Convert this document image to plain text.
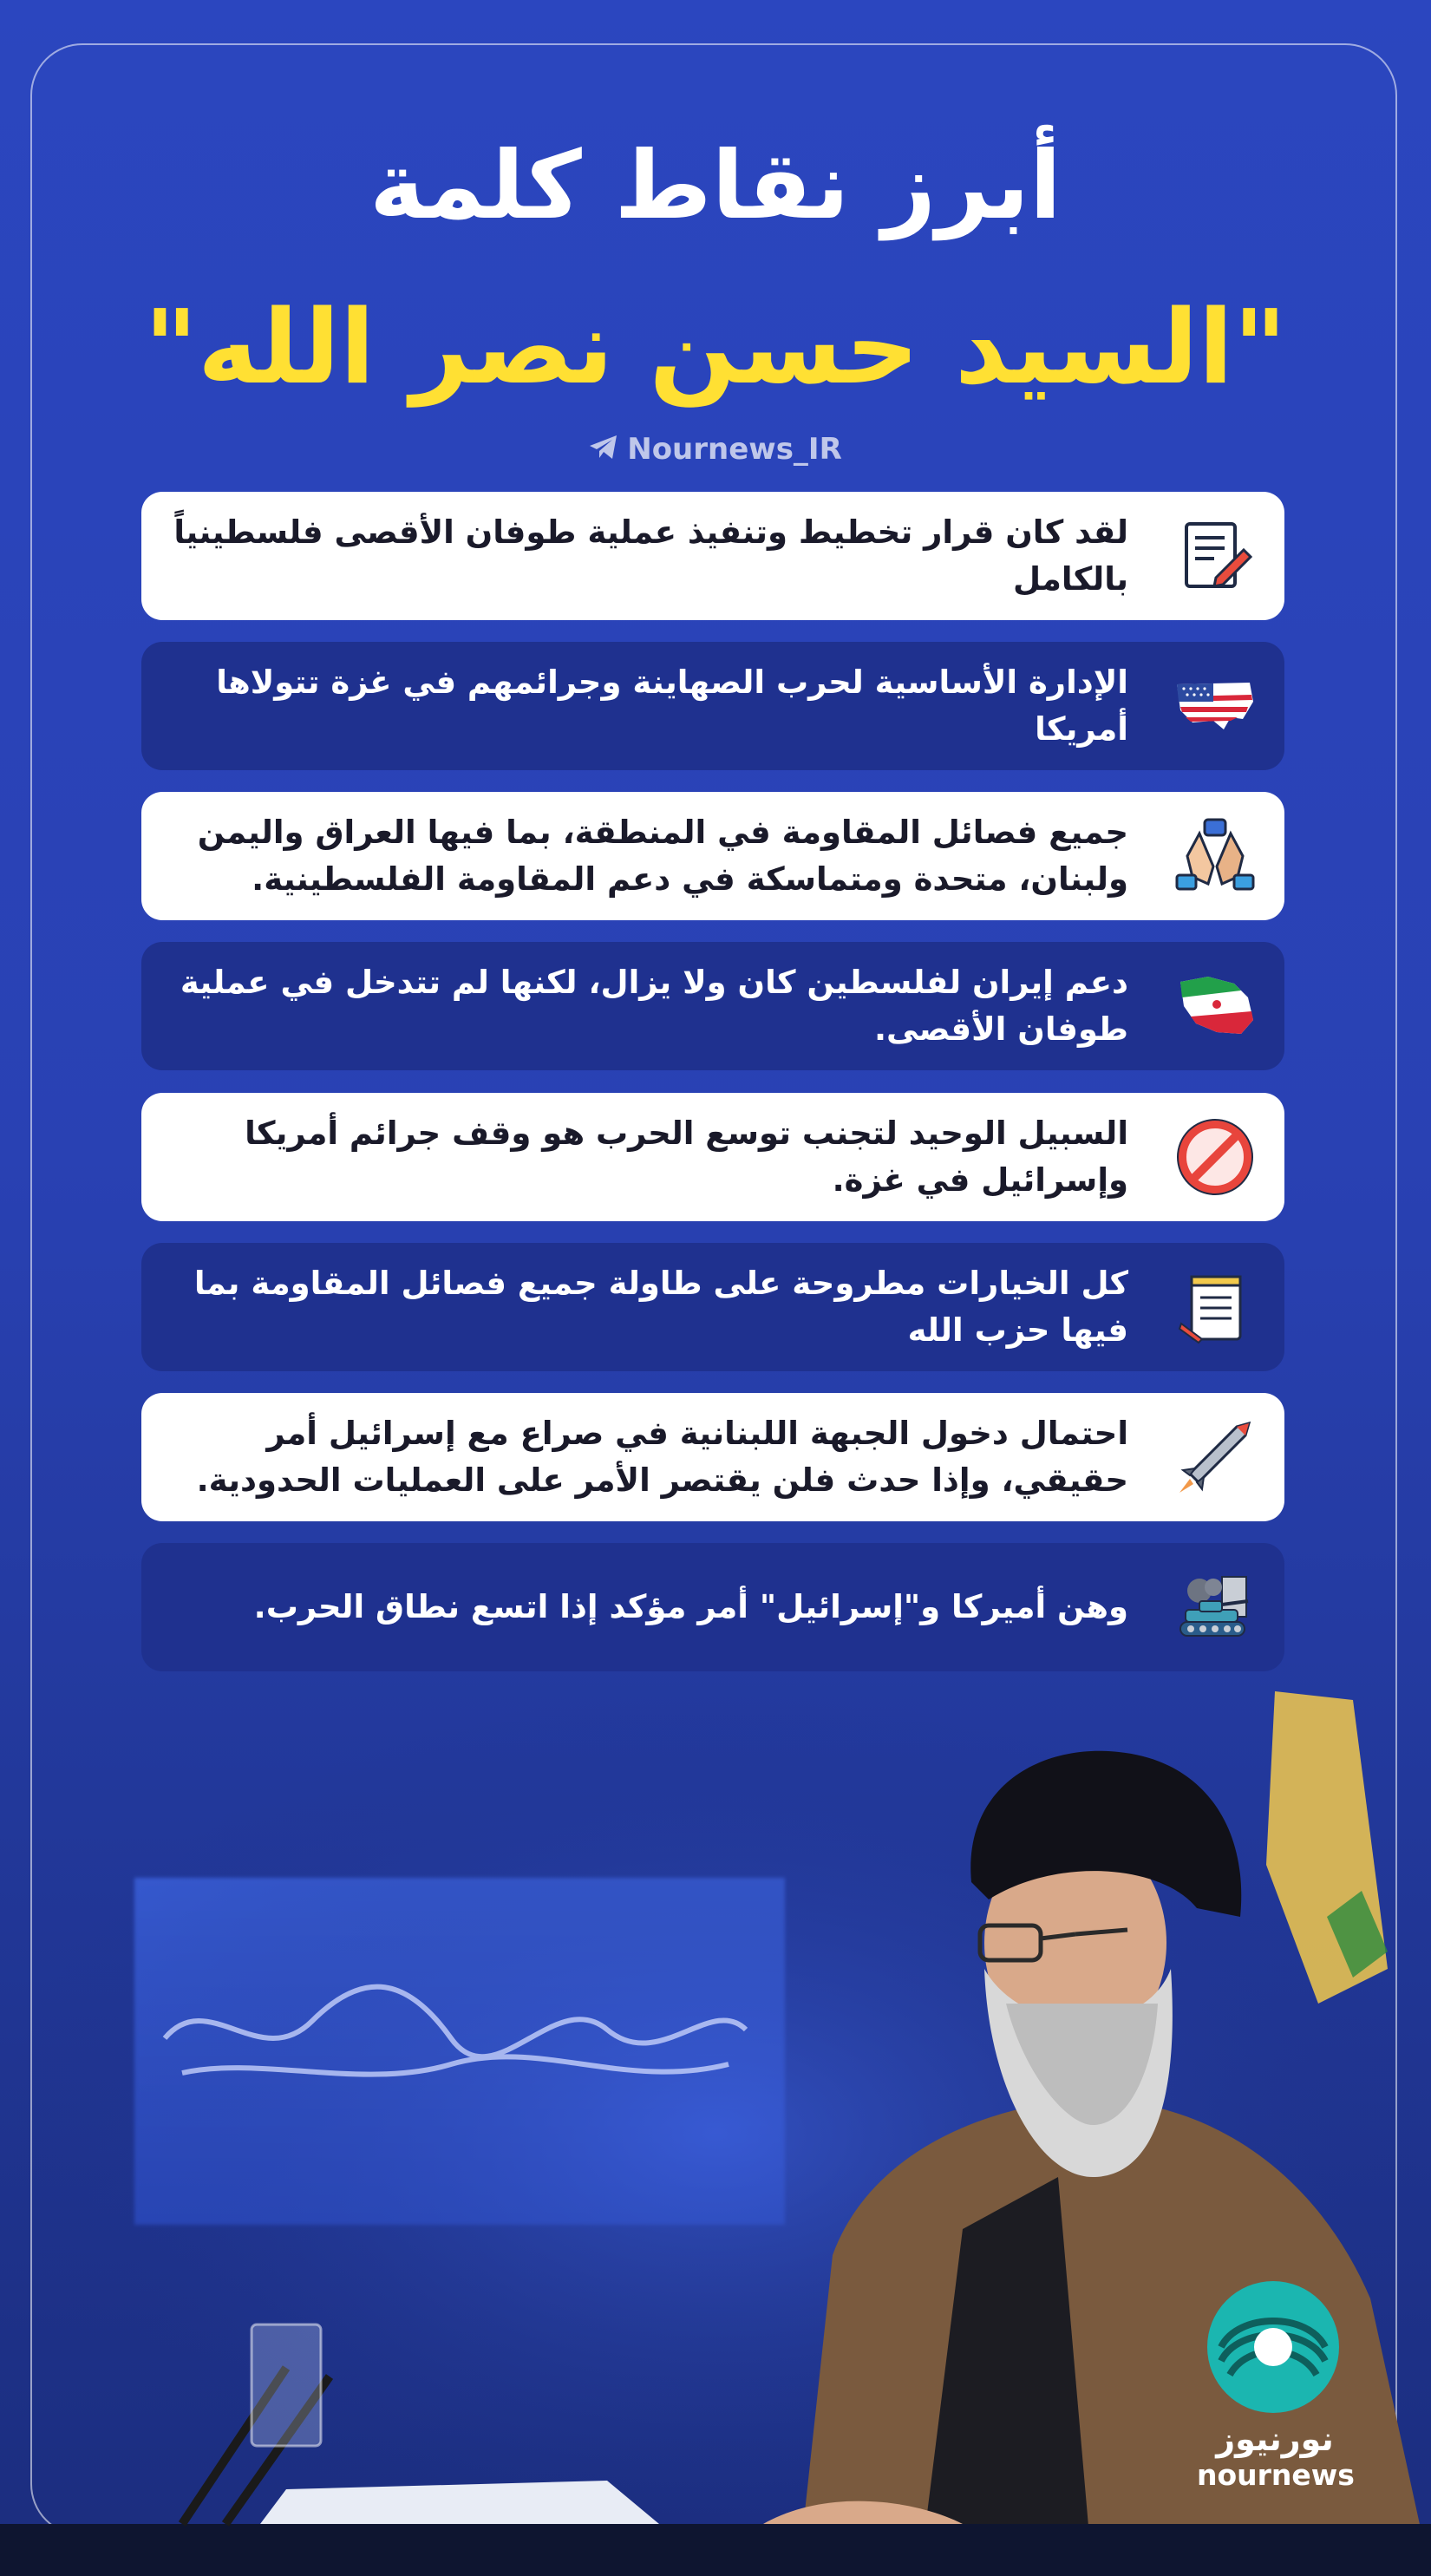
أبرز نقاط كلمة
"السيد حسن نصر الله"
Nournews_IR
لقد كان قرار تخطيط وتنفيذ عملية طوفان الأقصى فلسطينياً بالكامل
الإدارة الأساسية لحرب الصهاينة وجرائمهم في غزة تتولاها أمريكا
جميع فصائل المقاومة في المنطقة، بما فيها العراق واليمن ولبنان، متحدة ومتماسكة في دعم المقاومة الفلسطينية.
دعم إيران لفلسطين كان ولا يزال، لكنها لم تتدخل في عملية طوفان الأقصى.
السبيل الوحيد لتجنب توسع الحرب هو وقف جرائم أمريكا وإسرائيل في غزة.
كل الخيارات مطروحة على طاولة جميع فصائل المقاومة بما فيها حزب الله
احتمال دخول الجبهة اللبنانية في صراع مع إسرائيل أمر حقيقي، وإذا حدث فلن يقتصر الأمر على العمليات الحدودية.
وهن أميركا و"إسرائيل" أمر مؤكد إذا اتسع نطاق الحرب.
نورنيوز
nournews
